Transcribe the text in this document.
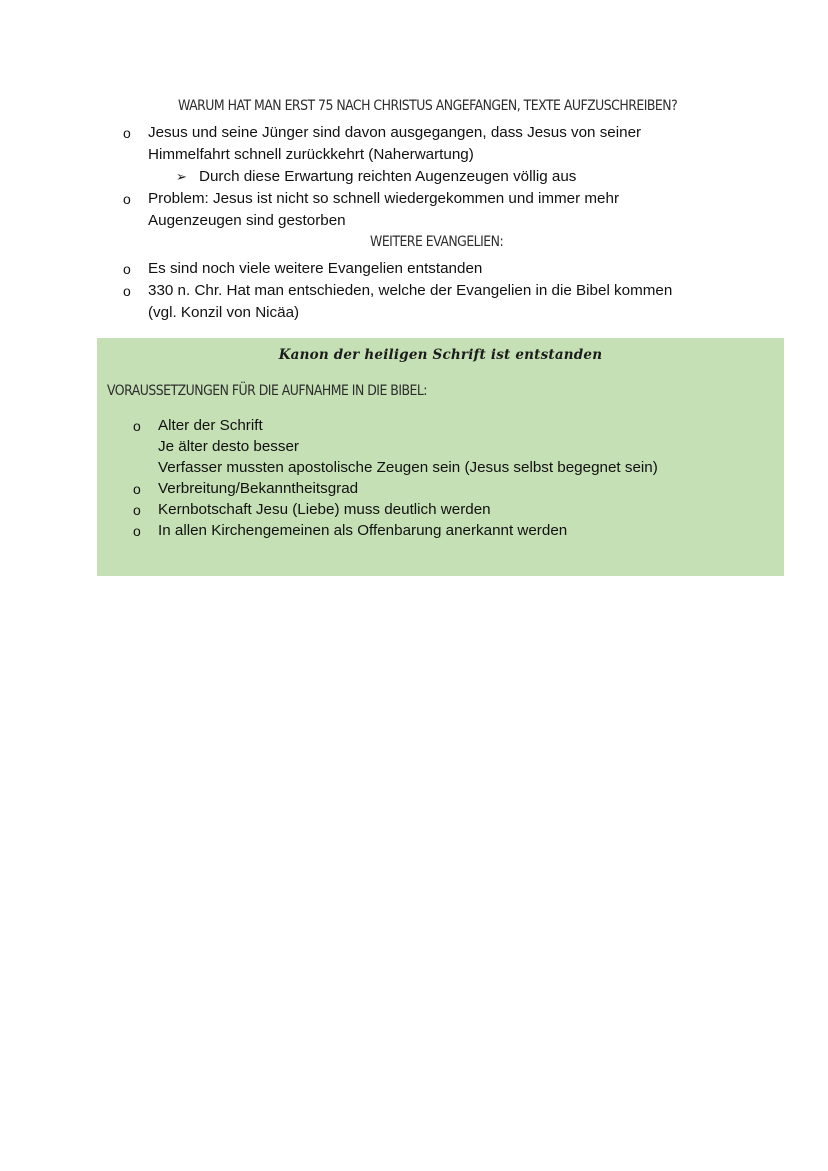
WARUM HAT MAN ERST 75 NACH CHRISTUS ANGEFANGEN, TEXTE AUFZUSCHREIBEN?
o Jesus und seine Jünger sind davon ausgegangen, dass Jesus von seiner
Himmelfahrt schnell zurückkehrt (Naherwartung)
➢ Durch diese Erwartung reichten Augenzeugen völlig aus
o Problem: Jesus ist nicht so schnell wiedergekommen und immer mehr
Augenzeugen sind gestorben
WEITERE EVANGELIEN:
o Es sind noch viele weitere Evangelien entstanden
o 330 n. Chr. Hat man entschieden, welche der Evangelien in die Bibel kommen
(vgl. Konzil von Nicäa)
Kanon der heiligen Schrift ist entstanden
VORAUSSETZUNGEN FÜR DIE AUFNAHME IN DIE BIBEL:
o Alter der Schrift
Je älter desto besser
Verfasser mussten apostolische Zeugen sein (Jesus selbst begegnet sein)
o Verbreitung/Bekanntheitsgrad
o Kernbotschaft Jesu (Liebe) muss deutlich werden
o In allen Kirchengemeinen als Offenbarung anerkannt werden
